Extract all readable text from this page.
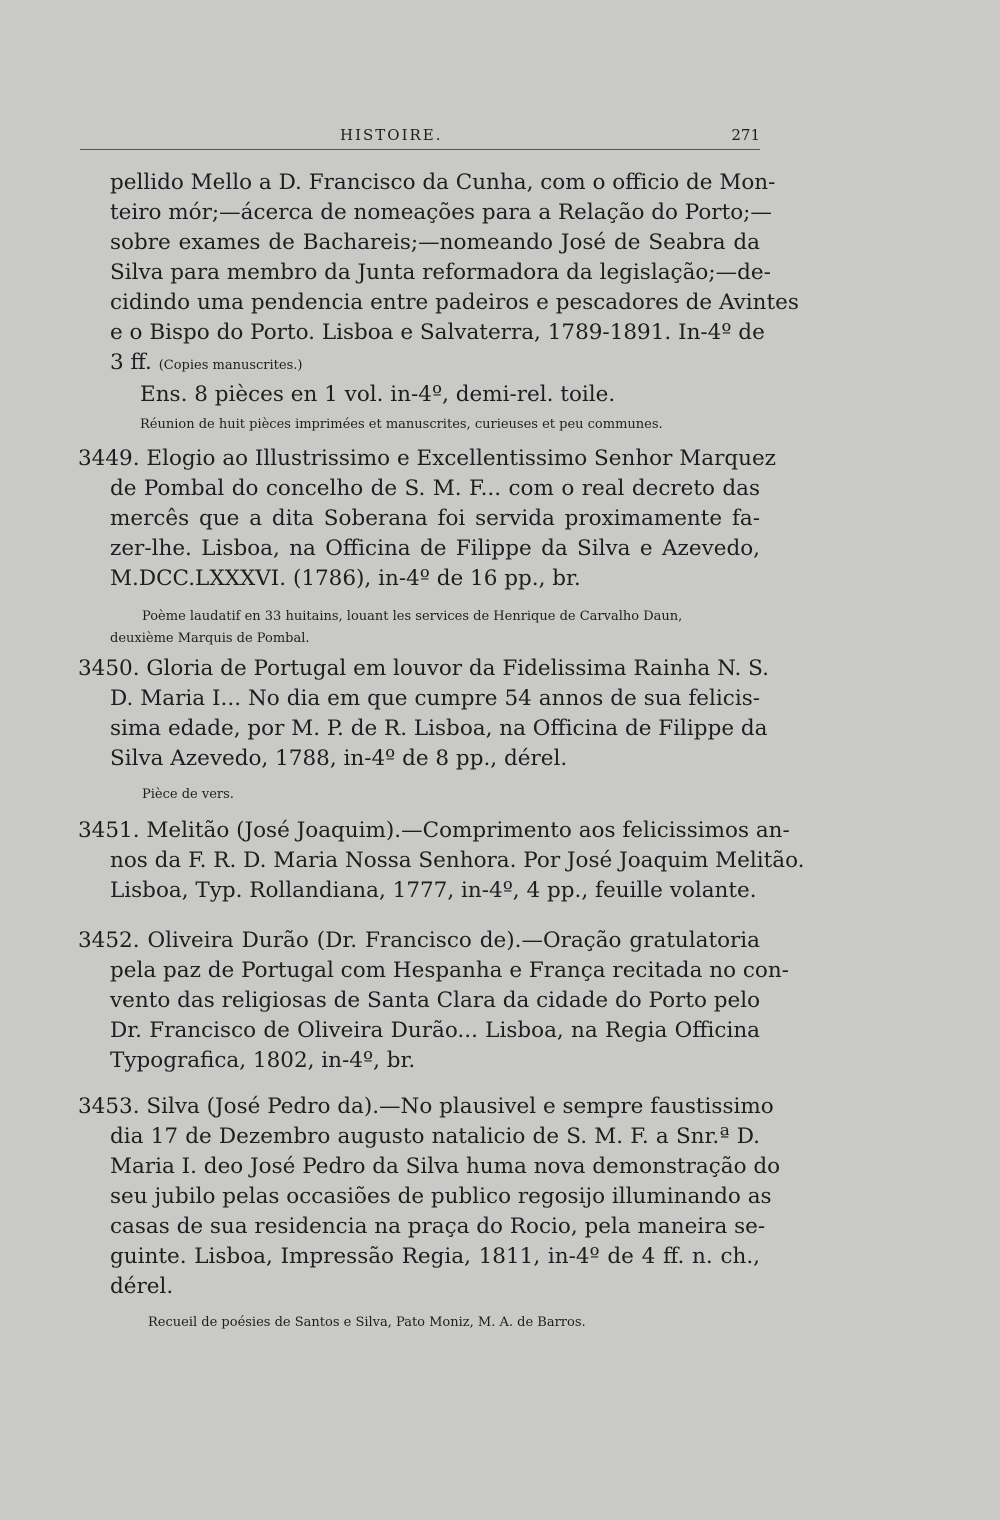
HISTOIRE.	271
pellido Mello a D. Francisco da Cunha, com o officio de Mon-
teiro mór;—ácerca de nomeações para a Relação do Porto;—
sobre exames de Bachareis;—nomeando José de Seabra da
Silva para membro da Junta reformadora da legislação;—de-
cidindo uma pendencia entre padeiros e pescadores de Avintes
e o Bispo do Porto. Lisboa e Salvaterra, 1789-1891. In-4º de
3 ff. (Copies manuscrites.)
Ens. 8 pièces en 1 vol. in-4º, demi-rel. toile.
Réunion de huit pièces imprimées et manuscrites, curieuses et peu communes.
3449. Elogio ao Illustrissimo e Excellentissimo Senhor Marquez
de Pombal do concelho de S. M. F... com o real decreto das
mercês que a dita Soberana foi servida proximamente fa-
zer-lhe. Lisboa, na Officina de Filippe da Silva e Azevedo,
M.DCC.LXXXVI. (1786), in-4º de 16 pp., br.
Poème laudatif en 33 huitains, louant les services de Henrique de Carvalho Daun,
deuxième Marquis de Pombal.
3450. Gloria de Portugal em louvor da Fidelissima Rainha N. S.
D. Maria I... No dia em que cumpre 54 annos de sua felicis-
sima edade, por M. P. de R. Lisboa, na Officina de Filippe da
Silva Azevedo, 1788, in-4º de 8 pp., dérel.
Pièce de vers.
3451. Melitão (José Joaquim).—Comprimento aos felicissimos an-
nos da F. R. D. Maria Nossa Senhora. Por José Joaquim Melitão.
Lisboa, Typ. Rollandiana, 1777, in-4º, 4 pp., feuille volante.
3452. Oliveira Durão (Dr. Francisco de).—Oração gratulatoria
pela paz de Portugal com Hespanha e França recitada no con-
vento das religiosas de Santa Clara da cidade do Porto pelo
Dr. Francisco de Oliveira Durão... Lisboa, na Regia Officina
Typografica, 1802, in-4º, br.
3453. Silva (José Pedro da).—No plausivel e sempre faustissimo
dia 17 de Dezembro augusto natalicio de S. M. F. a Snr.ª D.
Maria I. deo José Pedro da Silva huma nova demonstração do
seu jubilo pelas occasiões de publico regosijo illuminando as
casas de sua residencia na praça do Rocio, pela maneira se-
guinte. Lisboa, Impressão Regia, 1811, in-4º de 4 ff. n. ch.,
dérel.
Recueil de poésies de Santos e Silva, Pato Moniz, M. A. de Barros.
